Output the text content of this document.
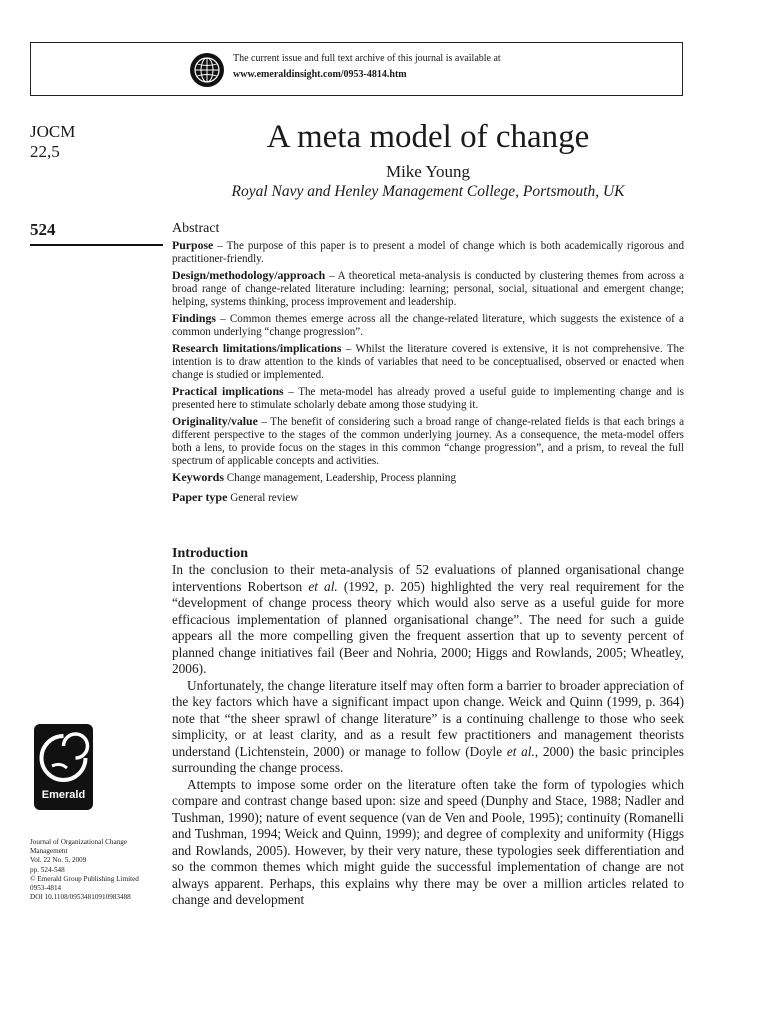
The current issue and full text archive of this journal is available at
www.emeraldinsight.com/0953-4814.htm
JOCM
22,5
524
A meta model of change
Mike Young
Royal Navy and Henley Management College, Portsmouth, UK
Abstract

Purpose – The purpose of this paper is to present a model of change which is both academically rigorous and practitioner-friendly.

Design/methodology/approach – A theoretical meta-analysis is conducted by clustering themes from across a broad range of change-related literature including: learning; personal, social, situational and emergent change; helping, systems thinking, process improvement and leadership.

Findings – Common themes emerge across all the change-related literature, which suggests the existence of a common underlying “change progression”.

Research limitations/implications – Whilst the literature covered is extensive, it is not comprehensive. The intention is to draw attention to the kinds of variables that need to be conceptualised, observed or enacted when change is studied or implemented.

Practical implications – The meta-model has already proved a useful guide to implementing change and is presented here to stimulate scholarly debate among those studying it.

Originality/value – The benefit of considering such a broad range of change-related fields is that each brings a different perspective to the stages of the common underlying journey. As a consequence, the meta-model offers both a lens, to provide focus on the stages in this common “change progression”, and a prism, to reveal the full spectrum of applicable concepts and activities.

Keywords Change management, Leadership, Process planning
Paper type General review
Introduction

In the conclusion to their meta-analysis of 52 evaluations of planned organisational change interventions Robertson et al. (1992, p. 205) highlighted the very real requirement for the “development of change process theory which would also serve as a useful guide for more efficacious implementation of planned organisational change”. The need for such a guide appears all the more compelling given the frequent assertion that up to seventy percent of planned change initiatives fail (Beer and Nohria, 2000; Higgs and Rowlands, 2005; Wheatley, 2006).

Unfortunately, the change literature itself may often form a barrier to broader appreciation of the key factors which have a significant impact upon change. Weick and Quinn (1999, p. 364) note that “the sheer sprawl of change literature” is a continuing challenge to those who seek simplicity, or at least clarity, and as a result few practitioners and management theorists understand (Lichtenstein, 2000) or manage to follow (Doyle et al., 2000) the basic principles surrounding the change process.

Attempts to impose some order on the literature often take the form of typologies which compare and contrast change based upon: size and speed (Dunphy and Stace, 1988; Nadler and Tushman, 1990); nature of event sequence (van de Ven and Poole, 1995); continuity (Romanelli and Tushman, 1994; Weick and Quinn, 1999); and degree of complexity and uniformity (Higgs and Rowlands, 2005). However, by their very nature, these typologies seek differentiation and so the common themes which might guide the successful implementation of change are not always apparent. Perhaps, this explains why there may be over a million articles related to change and development

Emerald
Journal of Organizational Change
Management
Vol. 22 No. 5, 2009
pp. 524-548
© Emerald Group Publishing Limited
0953-4814
DOI 10.1108/09534810910983488
